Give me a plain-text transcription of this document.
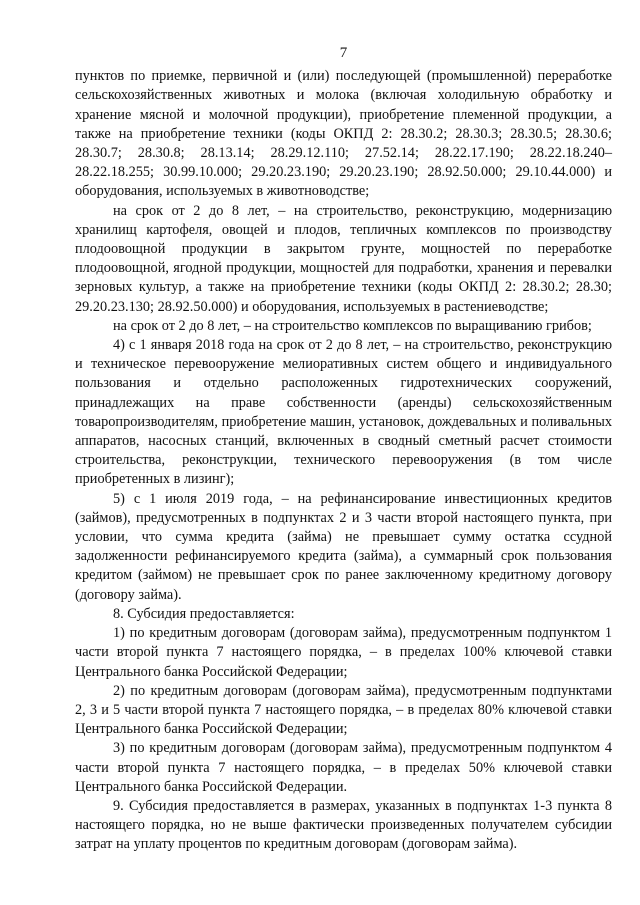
7

пунктов по приемке, первичной и (или) последующей (промышленной) переработке сельскохозяйственных животных и молока (включая холодильную обработку и хранение мясной и молочной продукции), приобретение племенной продукции, а также на приобретение техники (коды ОКПД 2: 28.30.2; 28.30.3; 28.30.5; 28.30.6; 28.30.7; 28.30.8; 28.13.14; 28.29.12.110; 27.52.14; 28.22.17.190; 28.22.18.240–28.22.18.255; 30.99.10.000; 29.20.23.190; 29.20.23.190; 28.92.50.000; 29.10.44.000) и оборудования, используемых в животноводстве;

на срок от 2 до 8 лет, – на строительство, реконструкцию, модернизацию хранилищ картофеля, овощей и плодов, тепличных комплексов по производству плодоовощной продукции в закрытом грунте, мощностей по переработке плодоовощной, ягодной продукции, мощностей для подработки, хранения и перевалки зерновых культур, а также на приобретение техники (коды ОКПД 2: 28.30.2; 28.30; 29.20.23.130; 28.92.50.000) и оборудования, используемых в растениеводстве;

на срок от 2 до 8 лет, – на строительство комплексов по выращиванию грибов;

4) с 1 января 2018 года на срок от 2 до 8 лет, – на строительство, реконструкцию и техническое перевооружение мелиоративных систем общего и индивидуального пользования и отдельно расположенных гидротехнических сооружений, принадлежащих на праве собственности (аренды) сельскохозяйственным товаропроизводителям, приобретение машин, установок, дождевальных и поливальных аппаратов, насосных станций, включенных в сводный сметный расчет стоимости строительства, реконструкции, технического перевооружения (в том числе приобретенных в лизинг);

5) с 1 июля 2019 года, – на рефинансирование инвестиционных кредитов (займов), предусмотренных в подпунктах 2 и 3 части второй настоящего пункта, при условии, что сумма кредита (займа) не превышает сумму остатка ссудной задолженности рефинансируемого кредита (займа), а суммарный срок пользования кредитом (займом) не превышает срок по ранее заключенному кредитному договору (договору займа).

8. Субсидия предоставляется:

1) по кредитным договорам (договорам займа), предусмотренным подпунктом 1 части второй пункта 7 настоящего порядка, – в пределах 100% ключевой ставки Центрального банка Российской Федерации;

2) по кредитным договорам (договорам займа), предусмотренным подпунктами 2, 3 и 5 части второй пункта 7 настоящего порядка, – в пределах 80% ключевой ставки Центрального банка Российской Федерации;

3) по кредитным договорам (договорам займа), предусмотренным подпунктом 4 части второй пункта 7 настоящего порядка, – в пределах 50% ключевой ставки Центрального банка Российской Федерации.

9. Субсидия предоставляется в размерах, указанных в подпунктах 1-3 пункта 8 настоящего порядка, но не выше фактически произведенных получателем субсидии затрат на уплату процентов по кредитным договорам (договорам займа).
